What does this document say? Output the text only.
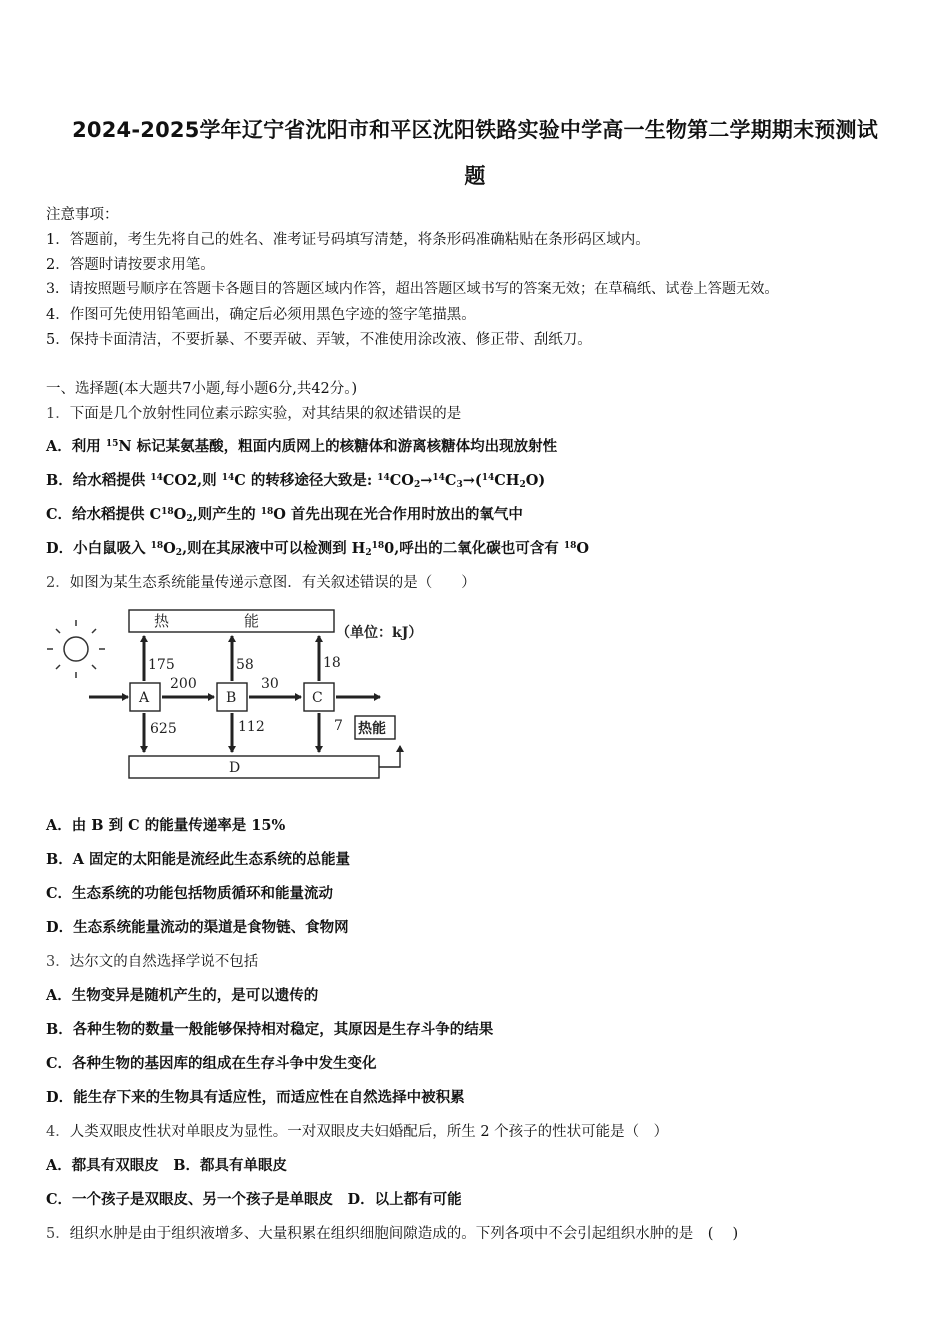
2024-2025学年辽宁省沈阳市和平区沈阳铁路实验中学高一生物第二学期期末预测试
题
注意事项：
1．答题前，考生先将自己的姓名、准考证号码填写清楚，将条形码准确粘贴在条形码区域内。
2．答题时请按要求用笔。
3．请按照题号顺序在答题卡各题目的答题区域内作答，超出答题区域书写的答案无效；在草稿纸、试卷上答题无效。
4．作图可先使用铅笔画出，确定后必须用黑色字迹的签字笔描黑。
5．保持卡面清洁，不要折暴、不要弄破、弄皱，不准使用涂改液、修正带、刮纸刀。
一、选择题(本大题共7小题,每小题6分,共42分。)
1．下面是几个放射性同位素示踪实验，对其结果的叙述错误的是
A．利用 $^{15}$N 标记某氨基酸，粗面内质网上的核糖体和游离核糖体均出现放射性
B．给水稻提供 $^{14}$CO2,则 $^{14}$C 的转移途径大致是: $^{14}CO_2\to^{14}C_3\to(^{14}CH_2O)$
C．给水稻提供 $C^{18}O_2$,则产生的 $^{18}$O 首先出现在光合作用时放出的氧气中
D．小白鼠吸入 $^{18}O_2$,则在其尿液中可以检测到 $H_2^{18}0$,呼出的二氧化碳也可含有 $^{18}$O
2．如图为某生态系统能量传递示意图．有关叙述错误的是（　　）
热　　　　　能
（单位：kJ）
D
A	B	C
200	30
175	58	18
625	112	7 热能
A．由 B 到 C 的能量传递率是 15%
B．A 固定的太阳能是流经此生态系统的总能量
C．生态系统的功能包括物质循环和能量流动
D．生态系统能量流动的渠道是食物链、食物网
3．达尔文的自然选择学说不包括
A．生物变异是随机产生的，是可以遗传的
B．各种生物的数量一般能够保持相对稳定，其原因是生存斗争的结果
C．各种生物的基因库的组成在生存斗争中发生变化
D．能生存下来的生物具有适应性，而适应性在自然选择中被积累
4．人类双眼皮性状对单眼皮为显性。一对双眼皮夫妇婚配后，所生 2 个孩子的性状可能是（　）
A．都具有双眼皮　B．都具有单眼皮
C．一个孩子是双眼皮、另一个孩子是单眼皮　D．以上都有可能
5．组织水肿是由于组织液增多、大量积累在组织细胞间隙造成的。下列各项中不会引起组织水肿的是　( 　)
